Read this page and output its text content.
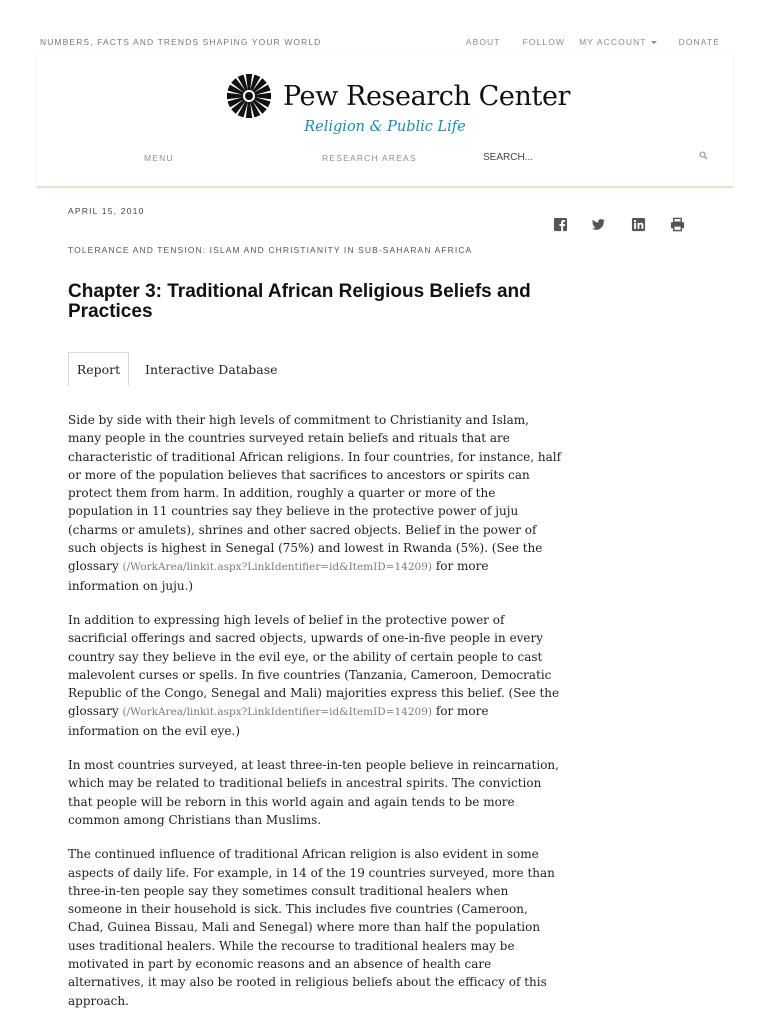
NUMBERS, FACTS AND TRENDS SHAPING YOUR WORLD	ABOUT	FOLLOW MY ACCOUNT	DONATE
Pew Research Center
Religion & Public Life
MENU	RESEARCH AREAS
SEARCH...
APRIL 15, 2010
TOLERANCE AND TENSION: ISLAM AND CHRISTIANITY IN SUB-SAHARAN AFRICA
Chapter 3: Traditional African Religious Beliefs and Practices
Report	Interactive Database

Side by side with their high levels of commitment to Christianity and Islam, many people in the countries surveyed retain beliefs and rituals that are characteristic of traditional African religions. In four countries, for instance, half or more of the population believes that sacrifices to ancestors or spirits can protect them from harm. In addition, roughly a quarter or more of the population in 11 countries say they believe in the protective power of juju (charms or amulets), shrines and other sacred objects. Belief in the power of such objects is highest in Senegal (75%) and lowest in Rwanda (5%). (See the glossary (/WorkArea/linkit.aspx?LinkIdentifier=id&ItemID=14209) for more information on juju.)

In addition to expressing high levels of belief in the protective power of sacrificial offerings and sacred objects, upwards of one-in-five people in every country say they believe in the evil eye, or the ability of certain people to cast malevolent curses or spells. In five countries (Tanzania, Cameroon, Democratic Republic of the Congo, Senegal and Mali) majorities express this belief. (See the glossary (/WorkArea/linkit.aspx?LinkIdentifier=id&ItemID=14209) for more information on the evil eye.)

In most countries surveyed, at least three-in-ten people believe in reincarnation, which may be related to traditional beliefs in ancestral spirits. The conviction that people will be reborn in this world again and again tends to be more common among Christians than Muslims.

The continued influence of traditional African religion is also evident in some aspects of daily life. For example, in 14 of the 19 countries surveyed, more than three-in-ten people say they sometimes consult traditional healers when someone in their household is sick. This includes five countries (Cameroon, Chad, Guinea Bissau, Mali and Senegal) where more than half the population uses traditional healers. While the recourse to traditional healers may be motivated in part by economic reasons and an absence of health care alternatives, it may also be rooted in religious beliefs about the efficacy of this approach.
